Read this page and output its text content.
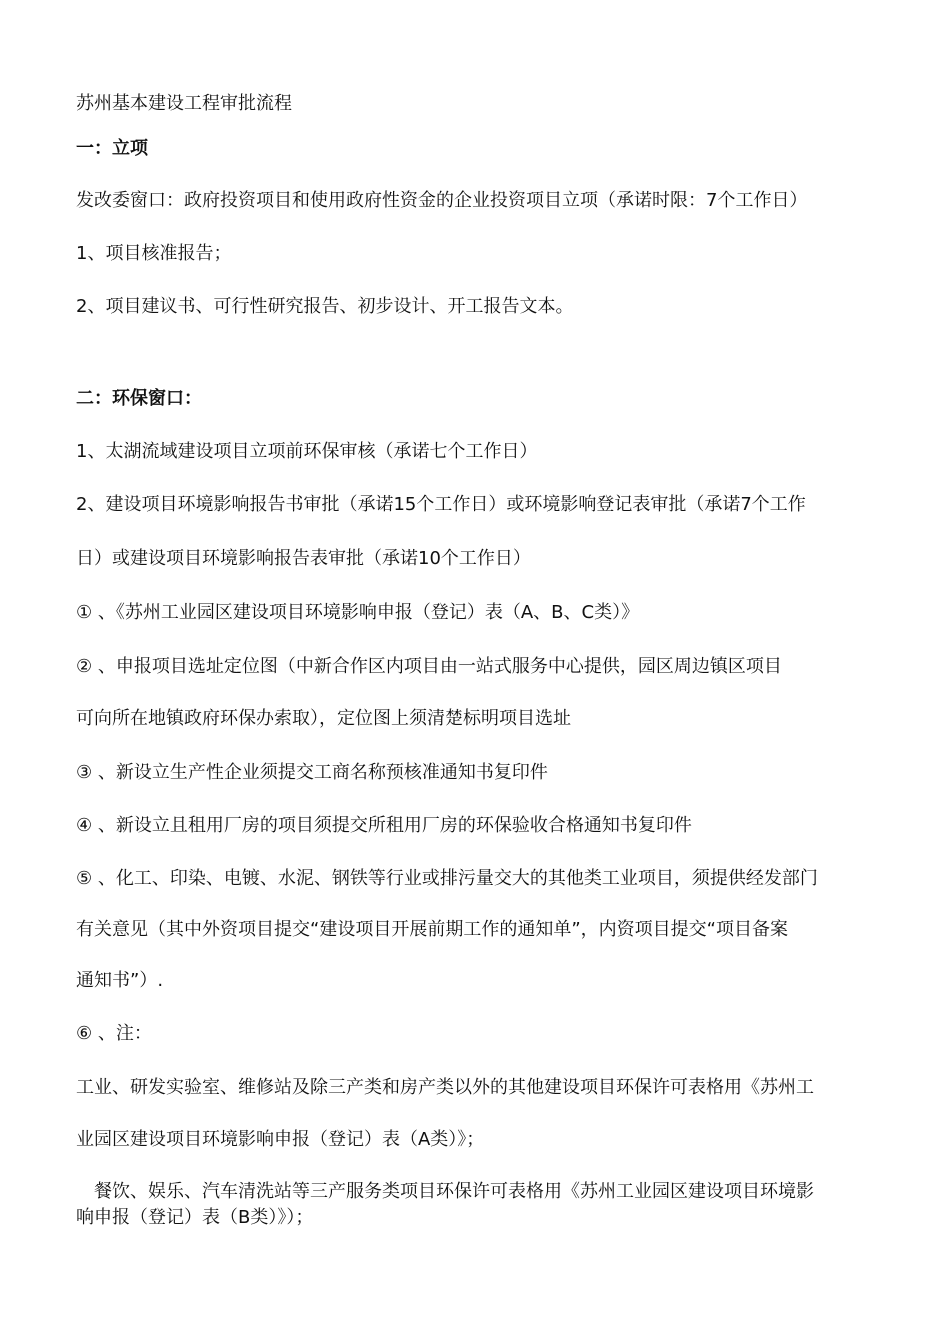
苏州基本建设工程审批流程

一：立项

发改委窗口：政府投资项目和使用政府性资金的企业投资项目立项（承诺时限：7个工作日）

1、项目核准报告；

2、项目建议书、可行性研究报告、初步设计、开工报告文本。

二：环保窗口：

1、太湖流域建设项目立项前环保审核（承诺七个工作日）

2、建设项目环境影响报告书审批（承诺15个工作日）或环境影响登记表审批（承诺7个工作

日）或建设项目环境影响报告表审批（承诺10个工作日）

① 、《苏州工业园区建设项目环境影响申报（登记）表（A、B、C类）》

② 、申报项目选址定位图（中新合作区内项目由一站式服务中心提供，园区周边镇区项目

可向所在地镇政府环保办索取），定位图上须清楚标明项目选址

③ 、新设立生产性企业须提交工商名称预核准通知书复印件

④ 、新设立且租用厂房的项目须提交所租用厂房的环保验收合格通知书复印件

⑤ 、化工、印染、电镀、水泥、钢铁等行业或排污量交大的其他类工业项目，须提供经发部门

有关意见（其中外资项目提交“建设项目开展前期工作的通知单”，内资项目提交“项目备案

通知书”）.

⑥ 、注：

工业、研发实验室、维修站及除三产类和房产类以外的其他建设项目环保许可表格用《苏州工

业园区建设项目环境影响申报（登记）表（A类）》；

　餐饮、娱乐、汽车清洗站等三产服务类项目环保许可表格用《苏州工业园区建设项目环境影

响申报（登记）表（B类）》）；
